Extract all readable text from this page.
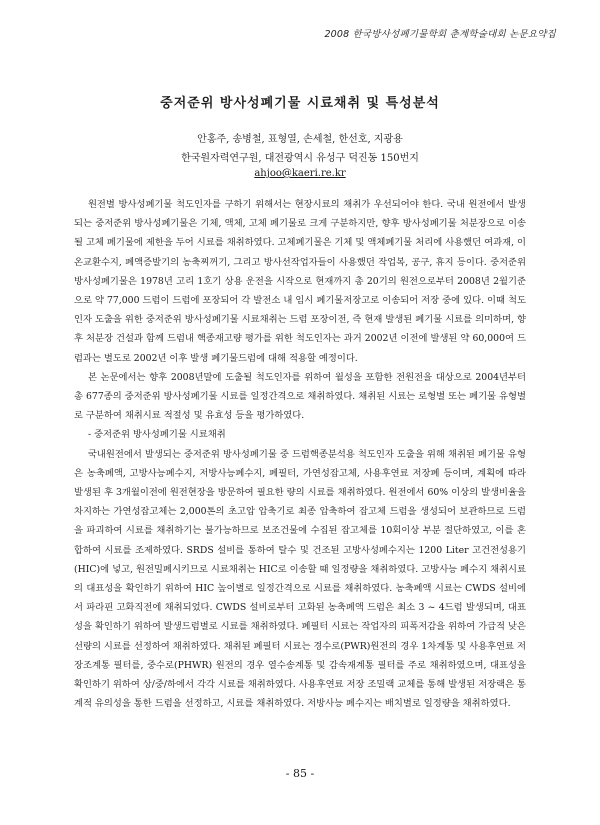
2008 한국방사성폐기물학회 춘계학술대회 논문요약집
중저준위 방사성폐기물 시료채취 및 특성분석
안홍주, 송병철, 표형열, 손세철, 한선호, 지광용
한국원자력연구원, 대전광역시 유성구 덕진동 150번지
ahjoo@kaeri.re.kr

원전별 방사성폐기물 척도인자를 구하기 위해서는 현장시료의 채취가 우선되어야 한다. 국내 원전에서 발생되는 중저준위 방사성폐기물은 기체, 액체, 고체 폐기물로 크게 구분하지만, 향후 방사성폐기물 처분장으로 이송될 고체 폐기물에 제한을 두어 시료를 채취하였다. 고체폐기물은 기체 및 액체폐기물 처리에 사용했던 여과재, 이온교환수지, 폐액증발기의 농축찌꺼기, 그리고 방사선작업자들이 사용했던 작업복, 공구, 휴지 등이다. 중저준위 방사성폐기물은 1978년 고리 1호기 상용 운전을 시작으로 현재까지 총 20기의 원전으로부터 2008년 2월기준으로 약 77,000 드럼이 드럼에 포장되어 각 발전소 내 임시 폐기물저장고로 이송되어 저장 중에 있다. 이때 척도인자 도출을 위한 중저준위 방사성폐기물 시료채취는 드럼 포장이전, 즉 현재 발생된 폐기물 시료를 의미하며, 향후 처분장 건설과 함께 드럼내 핵종재고량 평가를 위한 척도인자는 과거 2002년 이전에 발생된 약 60,000여 드럼과는 별도로 2002년 이후 발생 폐기물드럼에 대해 적용할 예정이다.

본 논문에서는 향후 2008년말에 도출될 척도인자를 위하여 월성을 포함한 전원전을 대상으로 2004년부터 총 677종의 중저준위 방사성폐기물 시료를 일정간격으로 채취하였다. 채취된 시료는 로형별 또는 폐기물 유형별로 구분하여 채취시료 적절성 및 유효성 등을 평가하였다.

- 중저준위 방사성폐기물 시료채취

국내원전에서 발생되는 중저준위 방사성폐기물 중 드럼핵종분석용 척도인자 도출을 위해 채취된 폐기물 유형은 농축폐액, 고방사능폐수지, 저방사능폐수지, 폐필터, 가연성잡고체, 사용후연료 저장폐 등이며, 계획에 따라 발생된 후 3개월이전에 원전현장을 방문하여 필요한 량의 시료를 채취하였다. 원전에서 60% 이상의 발생비율을 차지하는 가연성잡고체는 2,000톤의 초고압 압축기로 최종 압축하여 잡고체 드럼을 생성되어 보관하므로 드럼을 파괴하여 시료를 채취하기는 불가능하므로 보조건물에 수집된 잡고체를 10회이상 부분 절단하였고, 이를 혼합하여 시료를 조제하였다. SRDS 설비를 통하여 탈수 및 건조된 고방사성폐수지는 1200 Liter 고건전성용기(HIC)에 넣고, 원전밀폐시키므로 시료채취는 HIC로 이송할 때 일정량을 채취하였다. 고방사능 폐수지 채취시료의 대표성을 확인하기 위하여 HIC 높이별로 일정간격으로 시료를 채취하였다. 농축폐액 시료는 CWDS 설비에서 파라핀 고화직전에 채취되었다. CWDS 설비로부터 고화된 농축폐액 드럼은 최소 3 ~ 4드럼 발생되며, 대표성을 확인하기 위하여 발생드럼별로 시료를 채취하였다. 폐필터 시료는 작업자의 피폭저감을 위하여 가급적 낮은 선량의 시료를 선정하여 채취하였다. 채취된 폐필터 시료는 경수로(PWR)원전의 경우 1차계통 및 사용후연료 저장조계통 필터를, 중수로(PHWR) 원전의 경우 열수송계통 및 감속재계통 필터를 주로 채취하였으며, 대표성을 확인하기 위하여 상/중/하에서 각각 시료를 채취하였다. 사용후연료 저장 조밀랙 교체를 통해 발생된 저장랙은 통계적 유의성을 통한 드럼을 선정하고, 시료를 채취하였다. 저방사능 폐수지는 배치별로 일정량을 채취하였다.

- 85 -
